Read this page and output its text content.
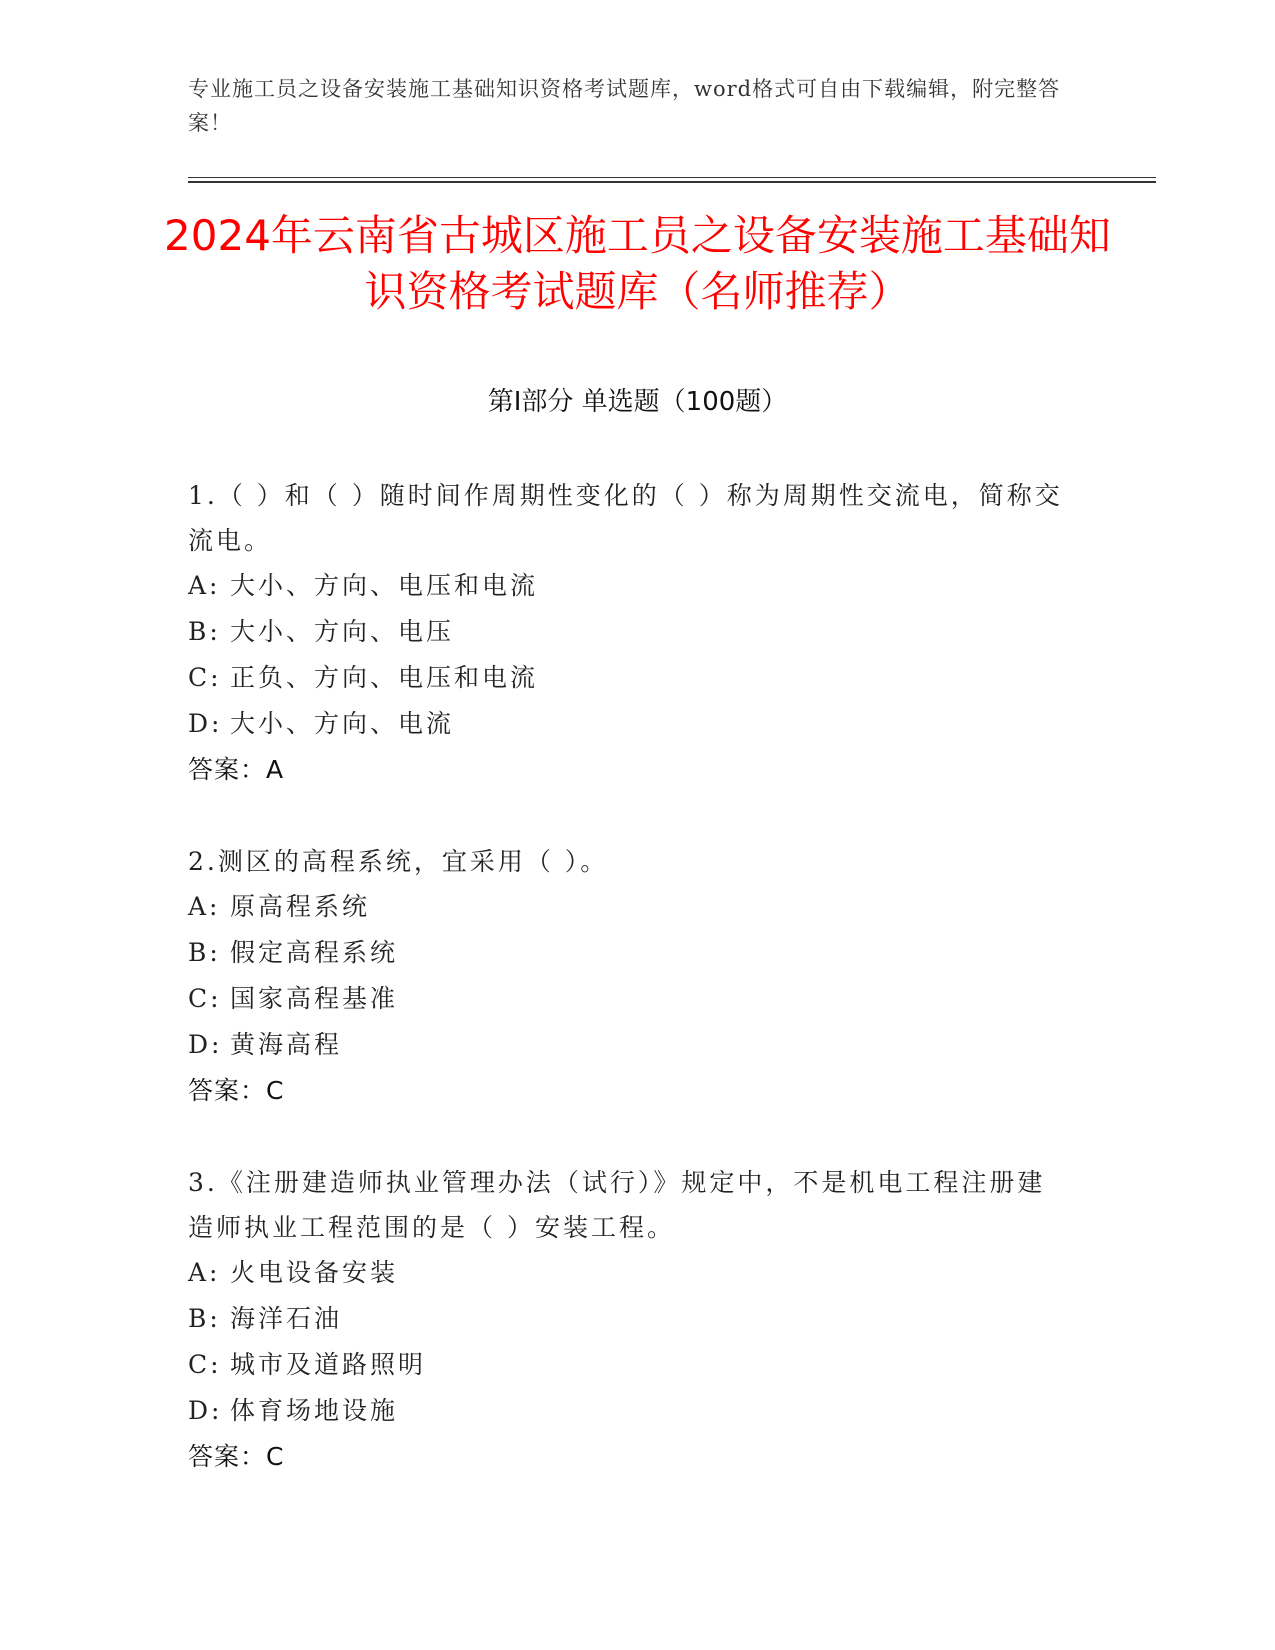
专业施工员之设备安装施工基础知识资格考试题库，word格式可自由下载编辑，附完整答案！
2024年云南省古城区施工员之设备安装施工基础知识资格考试题库（名师推荐）
第Ⅰ部分 单选题（100题）
1.（ ）和（ ）随时间作周期性变化的（ ）称为周期性交流电，简称交流电。
A: 大小、方向、电压和电流
B: 大小、方向、电压
C: 正负、方向、电压和电流
D: 大小、方向、电流
答案：A
2.测区的高程系统，宜采用（ ）。
A: 原高程系统
B: 假定高程系统
C: 国家高程基准
D: 黄海高程
答案：C
3.《注册建造师执业管理办法（试行）》规定中，不是机电工程注册建造师执业工程范围的是（ ）安装工程。
A: 火电设备安装
B: 海洋石油
C: 城市及道路照明
D: 体育场地设施
答案：C
